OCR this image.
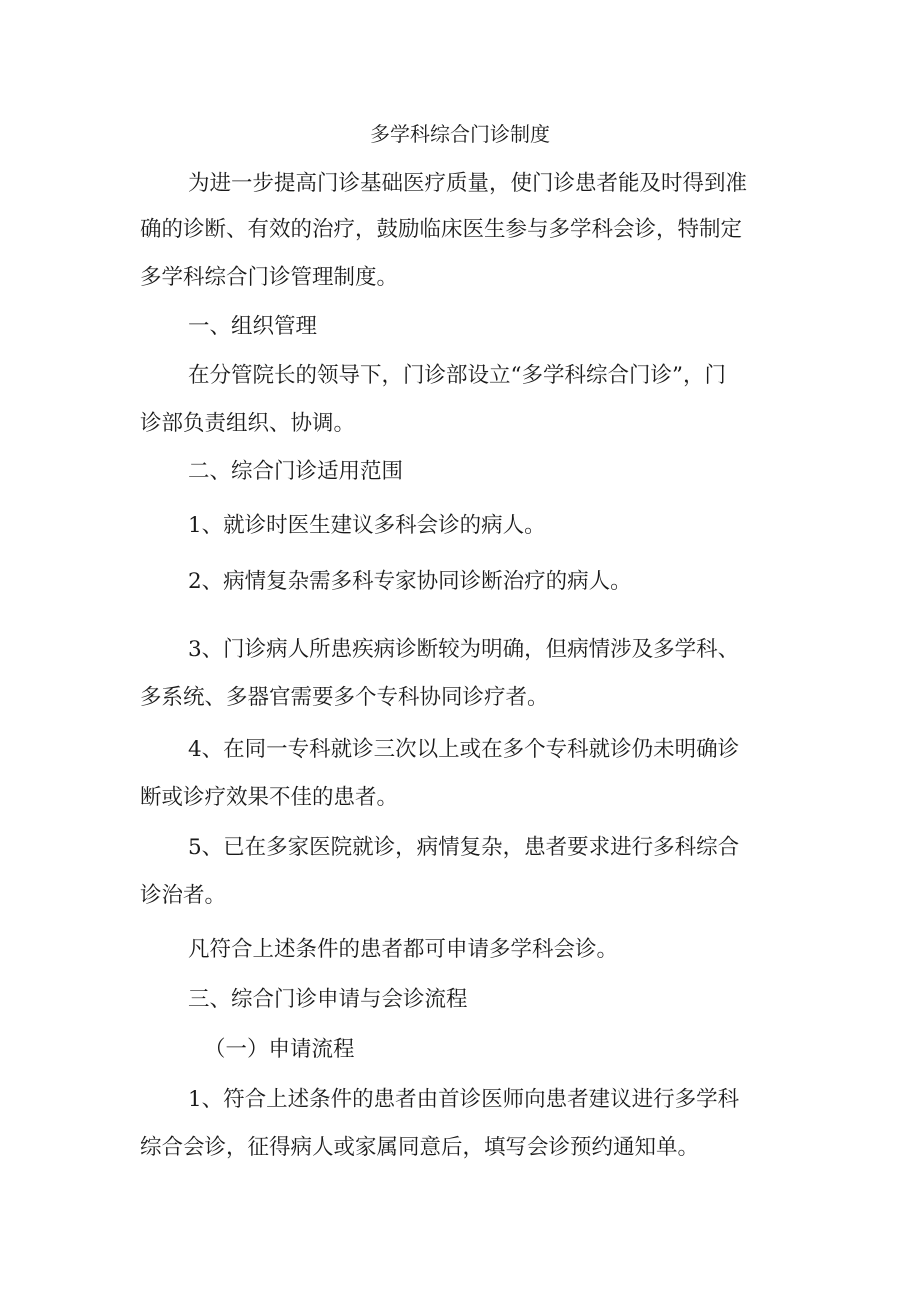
多学科综合门诊制度
为进一步提高门诊基础医疗质量，使门诊患者能及时得到准
确的诊断、有效的治疗，鼓励临床医生参与多学科会诊，特制定
多学科综合门诊管理制度。
一、组织管理
在分管院长的领导下，门诊部设立“多学科综合门诊”，门
诊部负责组织、协调。
二、综合门诊适用范围
1、就诊时医生建议多科会诊的病人。
2、病情复杂需多科专家协同诊断治疗的病人。
3、门诊病人所患疾病诊断较为明确，但病情涉及多学科、
多系统、多器官需要多个专科协同诊疗者。
4、在同一专科就诊三次以上或在多个专科就诊仍未明确诊
断或诊疗效果不佳的患者。
5、已在多家医院就诊，病情复杂，患者要求进行多科综合
诊治者。
凡符合上述条件的患者都可申请多学科会诊。
三、综合门诊申请与会诊流程
（一）申请流程
1、符合上述条件的患者由首诊医师向患者建议进行多学科
综合会诊，征得病人或家属同意后，填写会诊预约通知单。
